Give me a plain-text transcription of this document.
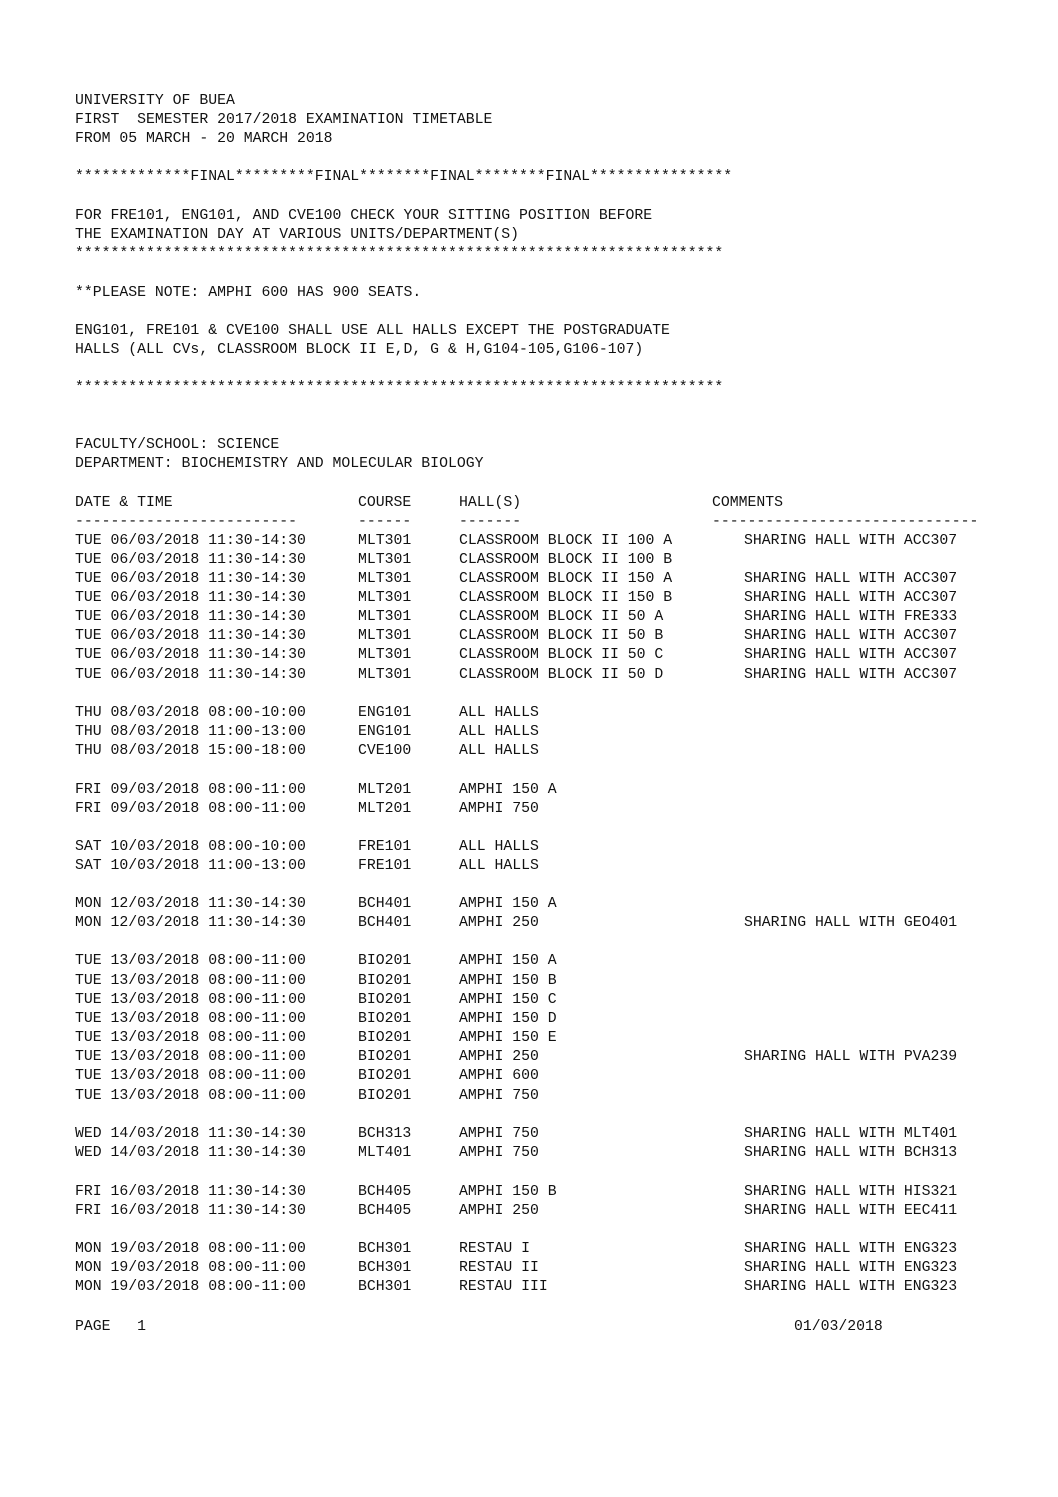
UNIVERSITY OF BUEA
FIRST  SEMESTER 2017/2018 EXAMINATION TIMETABLE
FROM 05 MARCH - 20 MARCH 2018
*************FINAL*********FINAL********FINAL********FINAL****************
FOR FRE101, ENG101, AND CVE100 CHECK YOUR SITTING POSITION BEFORE
THE EXAMINATION DAY AT VARIOUS UNITS/DEPARTMENT(S)
*************************************************************************
**PLEASE NOTE: AMPHI 600 HAS 900 SEATS.
ENG101, FRE101 & CVE100 SHALL USE ALL HALLS EXCEPT THE POSTGRADUATE
HALLS (ALL CVs, CLASSROOM BLOCK II E,D, G & H,G104-105,G106-107)
*************************************************************************
FACULTY/SCHOOL: SCIENCE
DEPARTMENT: BIOCHEMISTRY AND MOLECULAR BIOLOGY
DATE & TIME	COURSE	HALL(S)	COMMENTS
-------------------------	------	-------	------------------------------
TUE 06/03/2018 11:30-14:30	MLT301	CLASSROOM BLOCK II 100 A	SHARING HALL WITH ACC307
TUE 06/03/2018 11:30-14:30	MLT301	CLASSROOM BLOCK II 100 B
TUE 06/03/2018 11:30-14:30	MLT301	CLASSROOM BLOCK II 150 A	SHARING HALL WITH ACC307
TUE 06/03/2018 11:30-14:30	MLT301	CLASSROOM BLOCK II 150 B	SHARING HALL WITH ACC307
TUE 06/03/2018 11:30-14:30	MLT301	CLASSROOM BLOCK II 50 A	SHARING HALL WITH FRE333
TUE 06/03/2018 11:30-14:30	MLT301	CLASSROOM BLOCK II 50 B	SHARING HALL WITH ACC307
TUE 06/03/2018 11:30-14:30	MLT301	CLASSROOM BLOCK II 50 C	SHARING HALL WITH ACC307
TUE 06/03/2018 11:30-14:30	MLT301	CLASSROOM BLOCK II 50 D	SHARING HALL WITH ACC307
THU 08/03/2018 08:00-10:00	ENG101	ALL HALLS
THU 08/03/2018 11:00-13:00	ENG101	ALL HALLS
THU 08/03/2018 15:00-18:00	CVE100	ALL HALLS
FRI 09/03/2018 08:00-11:00	MLT201	AMPHI 150 A
FRI 09/03/2018 08:00-11:00	MLT201	AMPHI 750
SAT 10/03/2018 08:00-10:00	FRE101	ALL HALLS
SAT 10/03/2018 11:00-13:00	FRE101	ALL HALLS
MON 12/03/2018 11:30-14:30	BCH401	AMPHI 150 A
MON 12/03/2018 11:30-14:30	BCH401	AMPHI 250	SHARING HALL WITH GEO401
TUE 13/03/2018 08:00-11:00	BIO201	AMPHI 150 A
TUE 13/03/2018 08:00-11:00	BIO201	AMPHI 150 B
TUE 13/03/2018 08:00-11:00	BIO201	AMPHI 150 C
TUE 13/03/2018 08:00-11:00	BIO201	AMPHI 150 D
TUE 13/03/2018 08:00-11:00	BIO201	AMPHI 150 E
TUE 13/03/2018 08:00-11:00	BIO201	AMPHI 250	SHARING HALL WITH PVA239
TUE 13/03/2018 08:00-11:00	BIO201	AMPHI 600
TUE 13/03/2018 08:00-11:00	BIO201	AMPHI 750
WED 14/03/2018 11:30-14:30	BCH313	AMPHI 750	SHARING HALL WITH MLT401
WED 14/03/2018 11:30-14:30	MLT401	AMPHI 750	SHARING HALL WITH BCH313
FRI 16/03/2018 11:30-14:30	BCH405	AMPHI 150 B	SHARING HALL WITH HIS321
FRI 16/03/2018 11:30-14:30	BCH405	AMPHI 250	SHARING HALL WITH EEC411
MON 19/03/2018 08:00-11:00	BCH301	RESTAU I	SHARING HALL WITH ENG323
MON 19/03/2018 08:00-11:00	BCH301	RESTAU II	SHARING HALL WITH ENG323
MON 19/03/2018 08:00-11:00	BCH301	RESTAU III	SHARING HALL WITH ENG323
PAGE   1	01/03/2018
